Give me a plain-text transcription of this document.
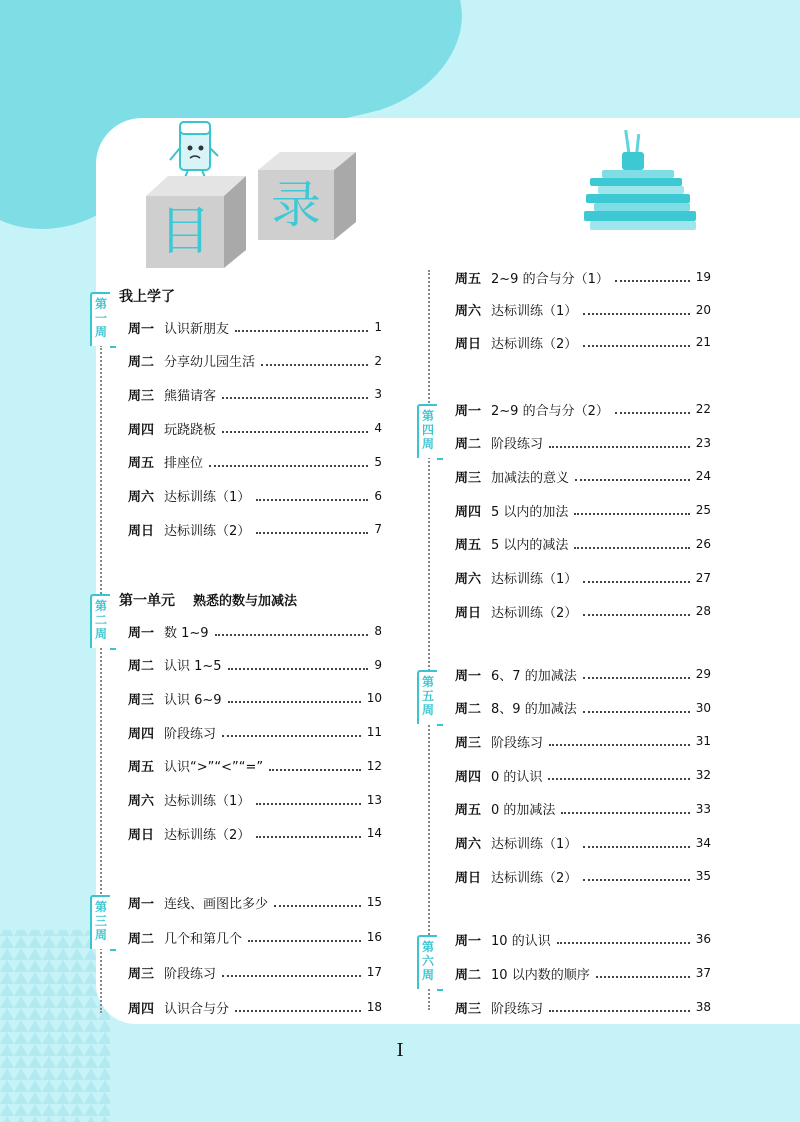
目 录
第一周
第二周
第三周
第四周
第五周
第六周
我上学了
第一单元 熟悉的数与加减法
周一 认识新朋友	1
周二 分享幼儿园生活	2
周三 熊猫请客	3
周四 玩跷跷板	4
周五 排座位	5
周六 达标训练（1）	6
周日 达标训练（2）	7
周一 数 1~9	8
周二 认识 1~5	9
周三 认识 6~9	10
周四 阶段练习	11
周五 认识“>”“<”“=”	12
周六 达标训练（1）	13
周日 达标训练（2）	14
周一 连线、画图比多少	15
周二 几个和第几个	16
周三 阶段练习	17
周四 认识合与分	18
周五 2~9 的合与分（1）	19
周六 达标训练（1）	20
周日 达标训练（2）	21
周一 2~9 的合与分（2）	22
周二 阶段练习	23
周三 加减法的意义	24
周四 5 以内的加法	25
周五 5 以内的减法	26
周六 达标训练（1）	27
周日 达标训练（2）	28
周一 6、7 的加减法	29
周二 8、9 的加减法	30
周三 阶段练习	31
周四 0 的认识	32
周五 0 的加减法	33
周六 达标训练（1）	34
周日 达标训练（2）	35
周一 10 的认识	36
周二 10 以内数的顺序	37
周三 阶段练习	38
I
